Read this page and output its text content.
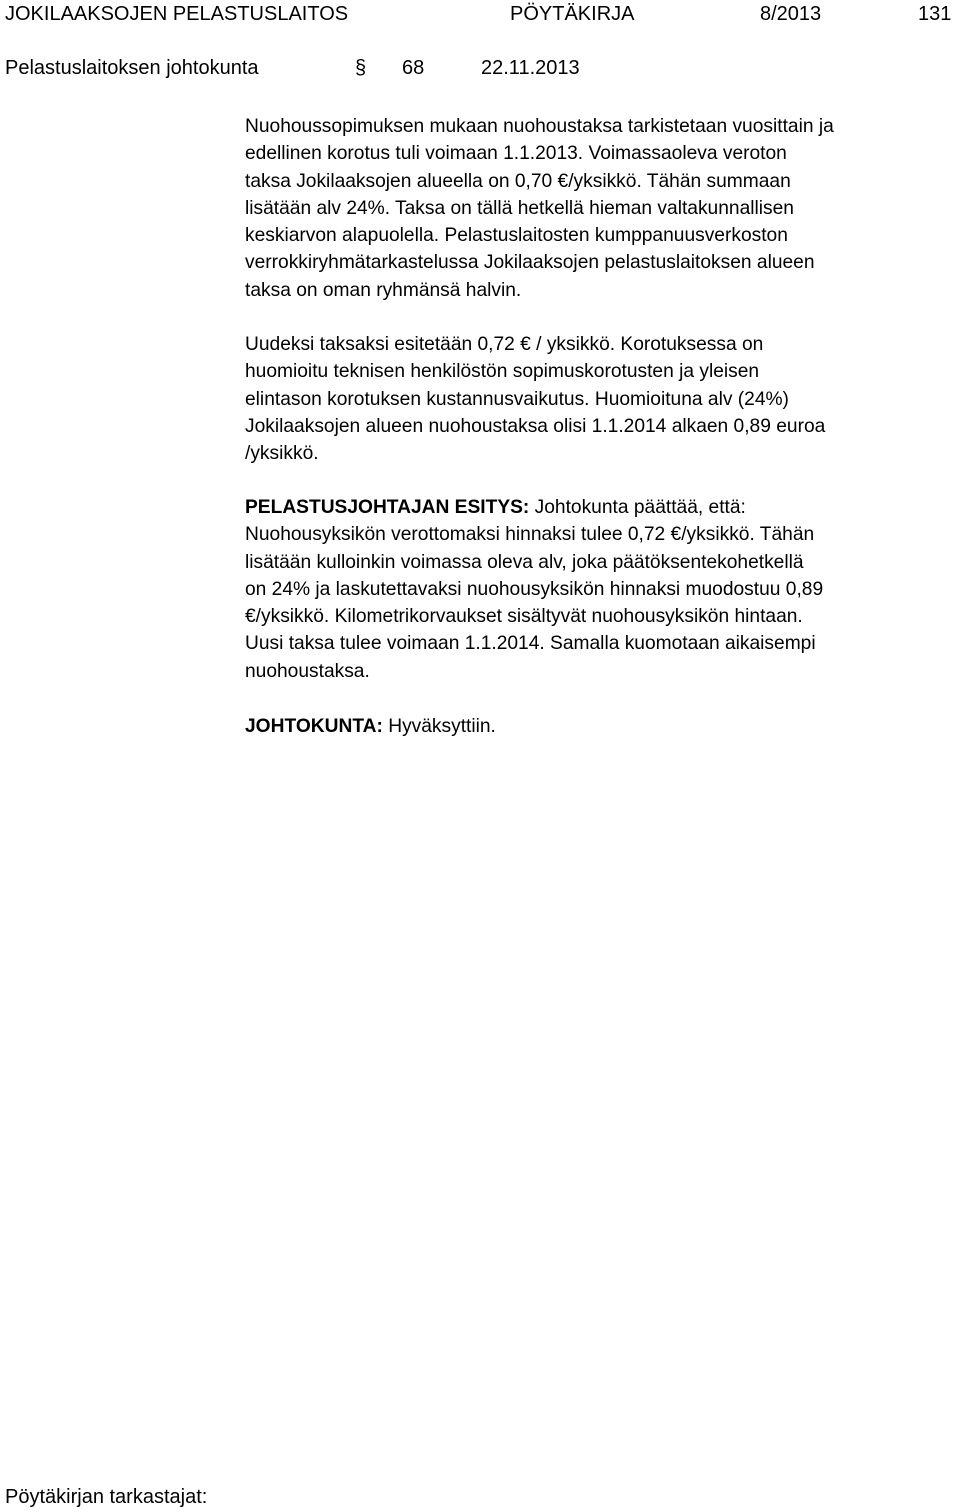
JOKILAAKSOJEN PELASTUSLAITOS	PÖYTÄKIRJA	8/2013	131
Pelastuslaitoksen johtokunta	§ 68	22.11.2013
Nuohoussopimuksen mukaan nuohoustaksa tarkistetaan vuosittain ja
edellinen korotus tuli voimaan 1.1.2013. Voimassaoleva veroton
taksa Jokilaaksojen alueella on 0,70 €/yksikkö. Tähän summaan
lisätään alv 24%. Taksa on tällä hetkellä hieman valtakunnallisen
keskiarvon alapuolella. Pelastuslaitosten kumppanuusverkoston
verrokkiryhmätarkastelussa Jokilaaksojen pelastuslaitoksen alueen
taksa on oman ryhmänsä halvin.
Uudeksi taksaksi esitetään 0,72 € / yksikkö. Korotuksessa on
huomioitu teknisen henkilöstön sopimuskorotusten ja yleisen
elintason korotuksen kustannusvaikutus. Huomioituna alv (24%)
Jokilaaksojen alueen nuohoustaksa olisi 1.1.2014 alkaen 0,89 euroa
/yksikkö.
PELASTUSJOHTAJAN ESITYS: Johtokunta päättää, että:
Nuohousyksikön verottomaksi hinnaksi tulee 0,72 €/yksikkö. Tähän
lisätään kulloinkin voimassa oleva alv, joka päätöksentekohetkellä
on 24% ja laskutettavaksi nuohousyksikön hinnaksi muodostuu 0,89
€/yksikkö. Kilometrikorvaukset sisältyvät nuohousyksikön hintaan.
Uusi taksa tulee voimaan 1.1.2014. Samalla kuomotaan aikaisempi
nuohoustaksa.
JOHTOKUNTA: Hyväksyttiin.
Pöytäkirjan tarkastajat:
